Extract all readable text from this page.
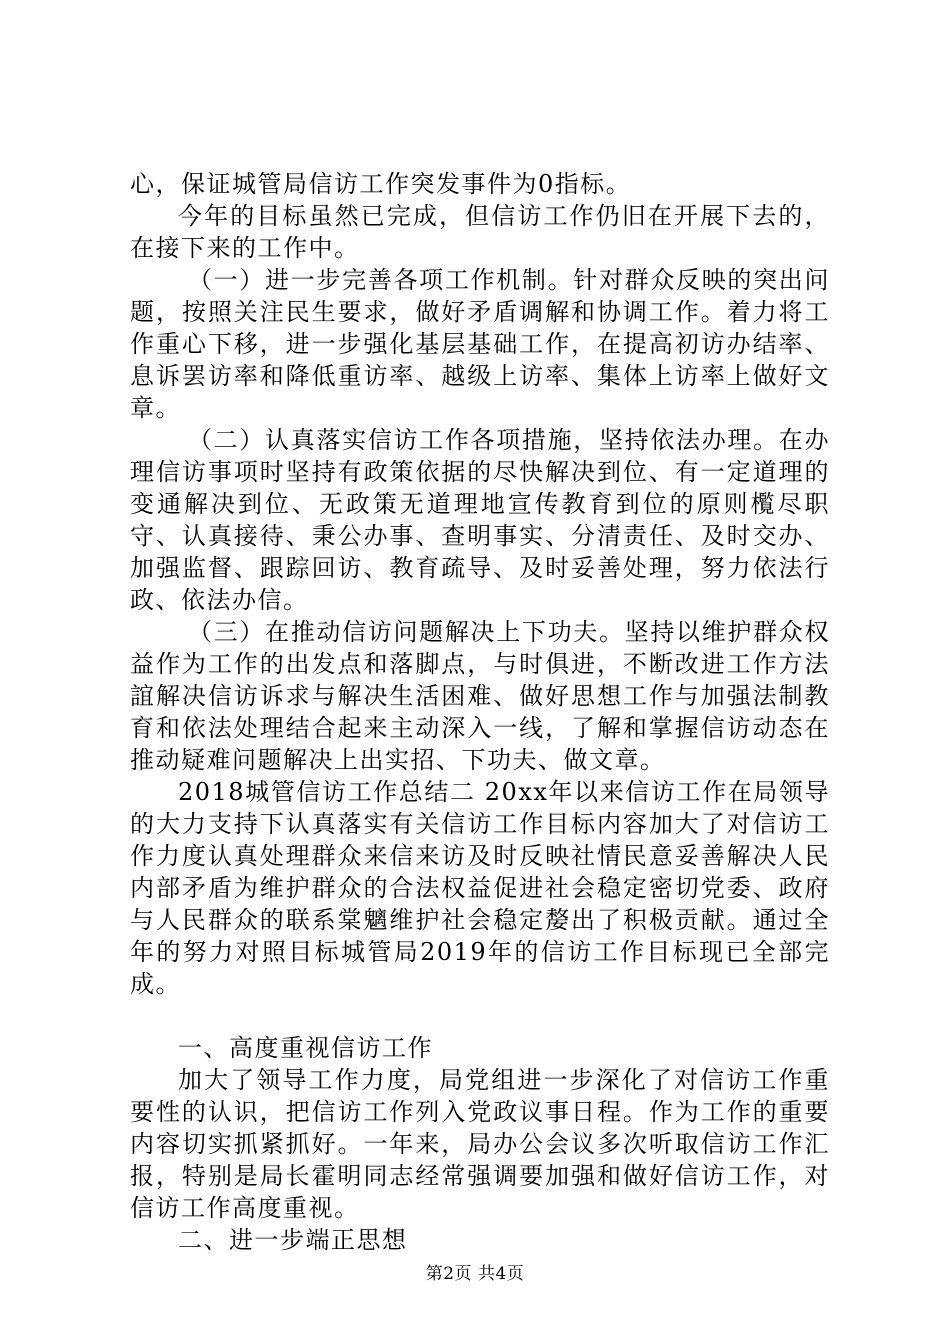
心，保证城管局信访工作突发事件为0指标。

今年的目标虽然已完成，但信访工作仍旧在开展下去的，在接下来的工作中。

（一）进一步完善各项工作机制。针对群众反映的突出问题，按照关注民生要求，做好矛盾调解和协调工作。着力将工作重心下移，进一步强化基层基础工作，在提高初访办结率、息诉罢访率和降低重访率、越级上访率、集体上访率上做好文章。

（二）认真落实信访工作各项措施，坚持依法办理。在办理信访事项时坚持有政策依据的尽快解决到位、有一定道理的变通解决到位、无政策无道理地宣传教育到位的原则㰖尽职守、认真接待、秉公办事、查明事实、分清责任、及时交办、加强监督、跟踪回访、教育疏导、及时妥善处理，努力依法行政、依法办信。

（三）在推动信访问题解决上下功夫。坚持以维护群众权益作为工作的出发点和落脚点，与时俱进，不断改进工作方法誼解决信访诉求与解决生活困难、做好思想工作与加强法制教育和依法处理结合起来主动深入一线，了解和掌握信访动态在推动疑难问题解决上出实招、下功夫、做文章。

2018城管信访工作总结二 20xx年以来信访工作在局领导的大力支持下认真落实有关信访工作目标内容加大了对信访工作力度认真处理群众来信来访及时反映社情民意妥善解决人民内部矛盾为维护群众的合法权益促进社会稳定密切党委、政府与人民群众的联系棠魑维护社会稳定嫠出了积极贡献。通过全年的努力对照目标城管局2019年的信访工作目标现已全部完成。

一、高度重视信访工作

加大了领导工作力度，局党组进一步深化了对信访工作重要性的认识，把信访工作列入党政议事日程。作为工作的重要内容切实抓紧抓好。一年来，局办公会议多次听取信访工作汇报，特别是局长霍明同志经常强调要加强和做好信访工作，对信访工作高度重视。

二、进一步端正思想

第2页 共4页
